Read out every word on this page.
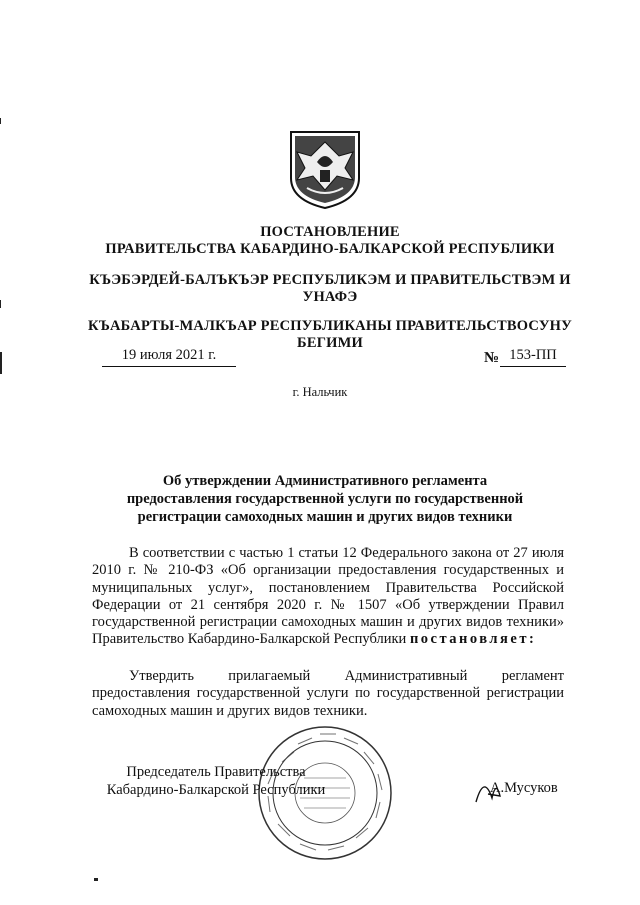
ПОСТАНОВЛЕНИЕ
ПРАВИТЕЛЬСТВА КАБАРДИНО-БАЛКАРСКОЙ РЕСПУБЛИКИ
КЪЭБЭРДЕЙ-БАЛЪКЪЭР РЕСПУБЛИКЭМ И ПРАВИТЕЛЬСТВЭМ И
УНАФЭ
КЪАБАРТЫ-МАЛКЪАР РЕСПУБЛИКАНЫ ПРАВИТЕЛЬСТВОСУНУ
БЕГИМИ
19 июля 2021 г.	№ 153-ПП
г. Нальчик
Об утверждении Административного регламента
предоставления государственной услуги по государственной
регистрации самоходных машин и других видов техники
В соответствии с частью 1 статьи 12 Федерального закона от 27 июля 2010 г. № 210-ФЗ «Об организации предоставления государственных и муниципальных услуг», постановлением Правительства Российской Федерации от 21 сентября 2020 г. № 1507 «Об утверждении Правил государственной регистрации самоходных машин и других видов техники» Правительство Кабардино-Балкарской Республики постановляет:
Утвердить прилагаемый Административный регламент предоставления государственной услуги по государственной регистрации самоходных машин и других видов техники.
Председатель Правительства
Кабардино-Балкарской Республики	А.Мусуков
